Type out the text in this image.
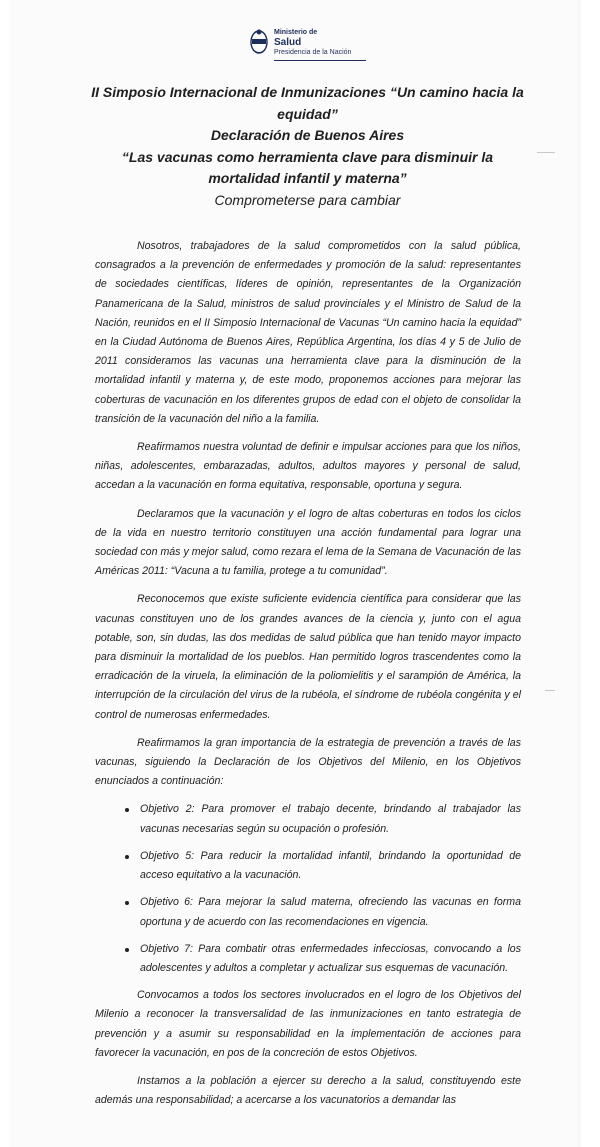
Ministerio de
Salud
Presidencia de la Nación

II Simposio Internacional de Inmunizaciones “Un camino hacia la equidad”

Declaración de Buenos Aires

“Las vacunas como herramienta clave para disminuir la mortalidad infantil y materna”

Comprometerse para cambiar

Nosotros, trabajadores de la salud comprometidos con la salud pública, consagrados a la prevención de enfermedades y promoción de la salud: representantes de sociedades científicas, líderes de opinión, representantes de la Organización Panamericana de la Salud, ministros de salud provinciales y el Ministro de Salud de la Nación, reunidos en el II Simposio Internacional de Vacunas “Un camino hacia la equidad” en la Ciudad Autónoma de Buenos Aires, República Argentina, los días 4 y 5 de Julio de 2011 consideramos las vacunas una herramienta clave para la disminución de la mortalidad infantil y materna y, de este modo, proponemos acciones para mejorar las coberturas de vacunación en los diferentes grupos de edad con el objeto de consolidar la transición de la vacunación del niño a la familia.

Reafirmamos nuestra voluntad de definir e impulsar acciones para que los niños, niñas, adolescentes, embarazadas, adultos, adultos mayores y personal de salud, accedan a la vacunación en forma equitativa, responsable, oportuna y segura.

Declaramos que la vacunación y el logro de altas coberturas en todos los ciclos de la vida en nuestro territorio constituyen una acción fundamental para lograr una sociedad con más y mejor salud, como rezara el lema de la Semana de Vacunación de las Américas 2011: “Vacuna a tu familia, protege a tu comunidad”.

Reconocemos que existe suficiente evidencia científica para considerar que las vacunas constituyen uno de los grandes avances de la ciencia y, junto con el agua potable, son, sin dudas, las dos medidas de salud pública que han tenido mayor impacto para disminuir la mortalidad de los pueblos. Han permitido logros trascendentes como la erradicación de la viruela, la eliminación de la poliomielitis y el sarampión de América, la interrupción de la circulación del virus de la rubéola, el síndrome de rubéola congénita y el control de numerosas enfermedades.

Reafirmamos la gran importancia de la estrategia de prevención a través de las vacunas, siguiendo la Declaración de los Objetivos del Milenio, en los Objetivos enunciados a continuación:

Objetivo 2: Para promover el trabajo decente, brindando al trabajador las vacunas necesarias según su ocupación o profesión.
Objetivo 5: Para reducir la mortalidad infantil, brindando la oportunidad de acceso equitativo a la vacunación.
Objetivo 6: Para mejorar la salud materna, ofreciendo las vacunas en forma oportuna y de acuerdo con las recomendaciones en vigencia.
Objetivo 7: Para combatir otras enfermedades infecciosas, convocando a los adolescentes y adultos a completar y actualizar sus esquemas de vacunación.

Convocamos a todos los sectores involucrados en el logro de los Objetivos del Milenio a reconocer la transversalidad de las inmunizaciones en tanto estrategia de prevención y a asumir su responsabilidad en la implementación de acciones para favorecer la vacunación, en pos de la concreción de estos Objetivos.

Instamos a la población a ejercer su derecho a la salud, constituyendo este además una responsabilidad; a acercarse a los vacunatorios a demandar las
